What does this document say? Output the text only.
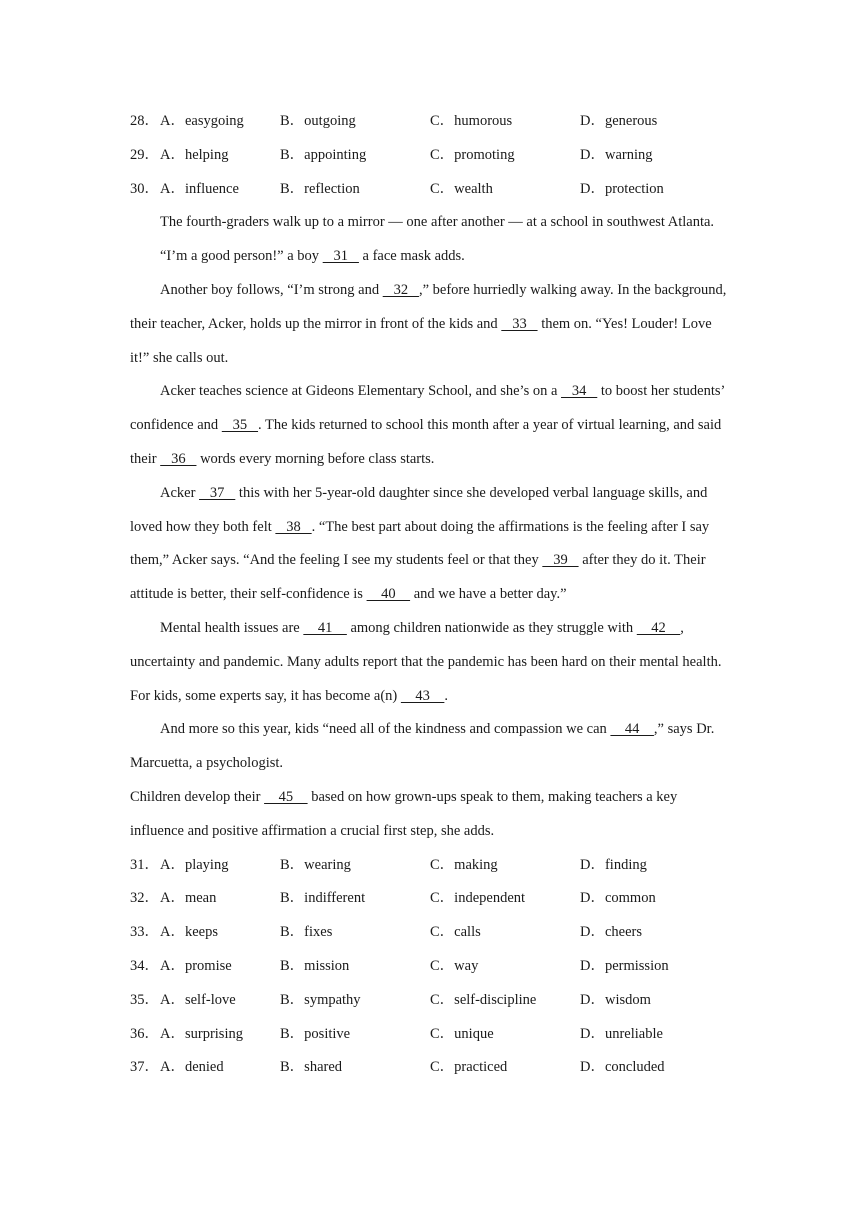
28． A．easygoing B．outgoing	C．humorous	D．generous
29． A．helping	B．appointing	C．promoting	D．warning
30． A．influence	B．reflection	C．wealth	D．protection

The fourth-graders walk up to a mirror — one after another — at a school in southwest Atlanta.

“I’m a good person!” a boy    31    a face mask adds.

Another boy follows, “I’m strong and    32   ,” before hurriedly walking away. In the background, their teacher, Acker, holds up the mirror in front of the kids and    33    them on. “Yes! Louder! Love it!” she calls out.

Acker teaches science at Gideons Elementary School, and she’s on a    34    to boost her students’ confidence and    35   . The kids returned to school this month after a year of virtual learning, and said their    36    words every morning before class starts.

Acker    37    this with her 5-year-old daughter since she developed verbal language skills, and loved how they both felt    38   . “The best part about doing the affirmations is the feeling after I say them,” Acker says. “And the feeling I see my students feel or that they    39    after they do it. Their attitude is better, their self-confidence is     40     and we have a better day.”

Mental health issues are     41     among children nationwide as they struggle with     42    , uncertainty and pandemic. Many adults report that the pandemic has been hard on their mental health. For kids, some experts say, it has become a(n)     43    .

And more so this year, kids “need all of the kindness and compassion we can     44    ,” says Dr. Marcuetta, a psychologist.

Children develop their     45     based on how grown-ups speak to them, making teachers a key influence and positive affirmation a crucial first step, she adds.

31． A．playing	B．wearing	C．making	D．finding
32． A．mean	B．indifferent	C．independent	D．common
33． A．keeps	B．fixes	C．calls	D．cheers
34． A．promise	B．mission	C．way	D．permission
35． A．self-love	B．sympathy	C．self-discipline	D．wisdom
36． A．surprising	B．positive	C．unique	D．unreliable
37． A．denied	B．shared	C．practiced	D．concluded
